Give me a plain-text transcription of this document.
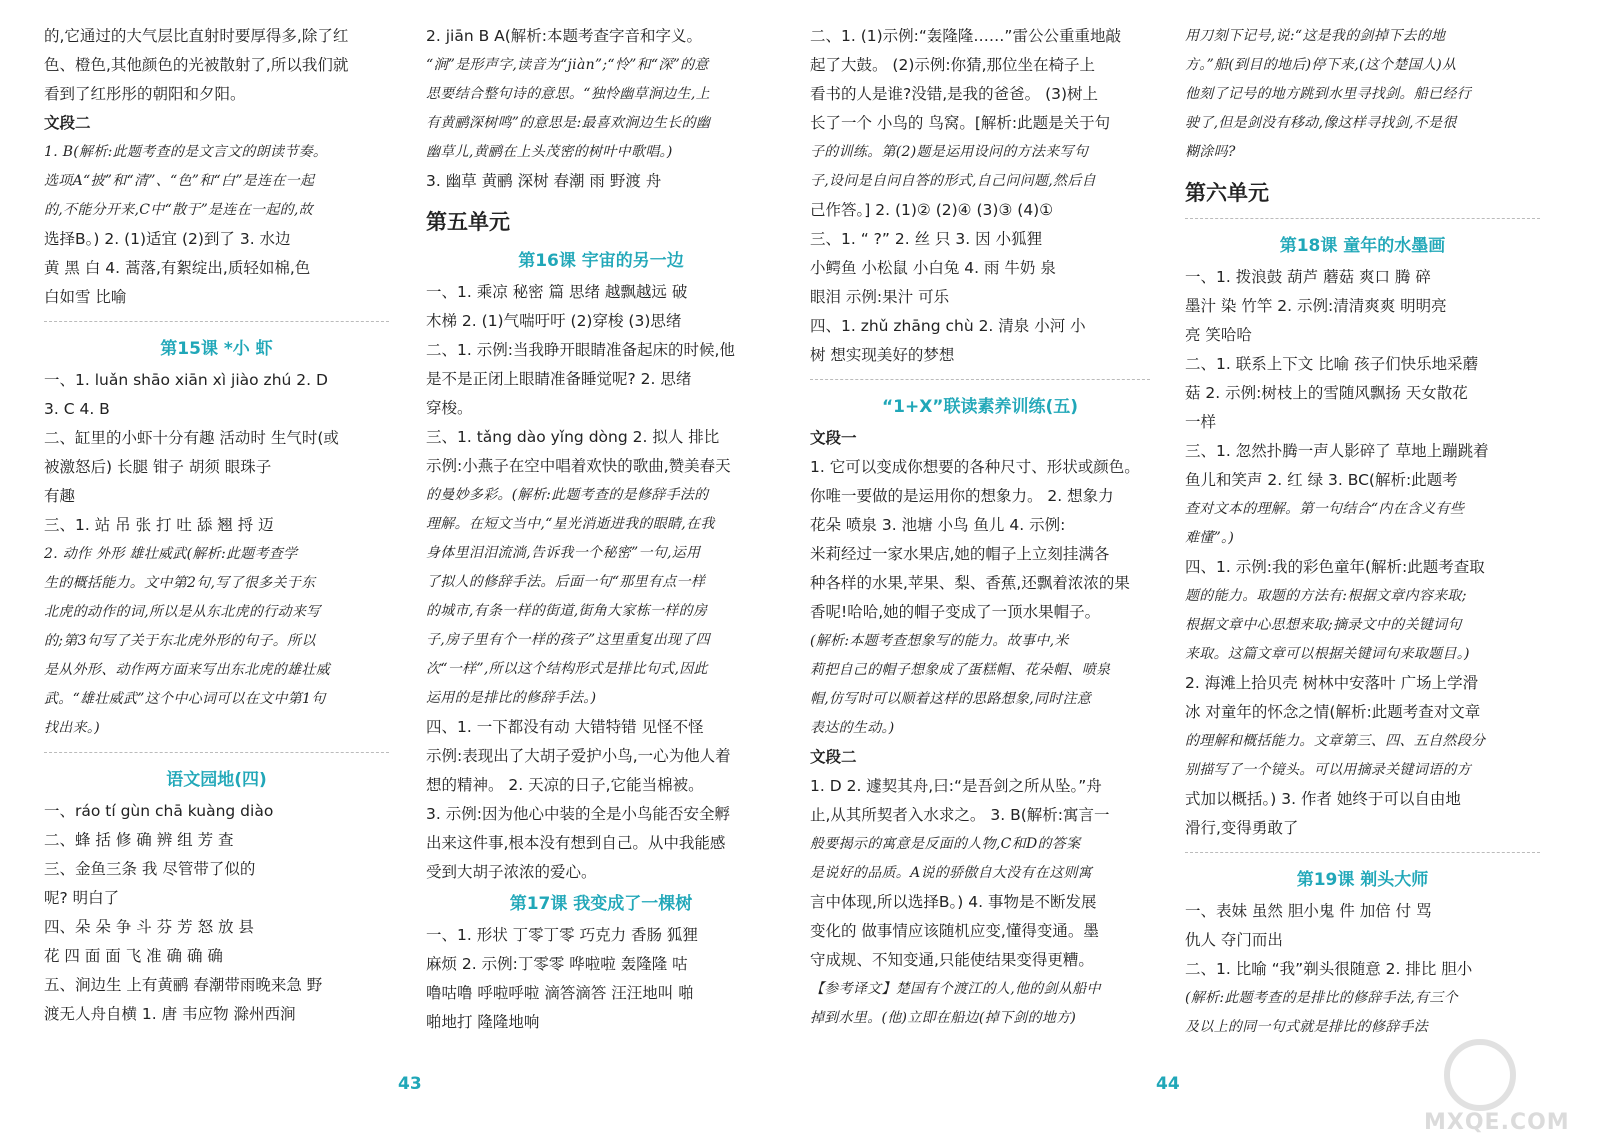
的,它通过的大气层比直射时要厚得多,除了红
色、橙色,其他颜色的光被散射了,所以我们就
看到了红彤彤的朝阳和夕阳。
文段二
1. B(解析:此题考查的是文言文的朗读节奏。
选项A“披”和“清”、“色”和“白”是连在一起
的,不能分开来,C中“散于”是连在一起的,故
选择B。) 2. (1)适宜 (2)到了 3. 水边
黄 黑 白 4. 蒿落,有絮绽出,质轻如棉,色
白如雪 比喻
第15课 *小 虾
一、1. luǎn shāo xiān xì jiào zhú 2. D
3. C 4. B
二、缸里的小虾十分有趣 活动时 生气时(或
被激怒后) 长腿 钳子 胡须 眼珠子
有趣
三、1. 站 吊 张 打 吐 舔 翘 捋 迈
2. 动作 外形 雄壮威武(解析:此题考查学
生的概括能力。文中第2句,写了很多关于东
北虎的动作的词,所以是从东北虎的行动来写
的;第3句写了关于东北虎外形的句子。所以
是从外形、动作两方面来写出东北虎的雄壮威
武。“雄壮威武”这个中心词可以在文中第1句
找出来。)
语文园地(四)
一、ráo tí gùn chā kuàng diào
二、蜂 括 修 确 辨 组 芳 查
三、金鱼三条 我 尽管带了似的
呢? 明白了
四、朵 朵 争 斗 芬 芳 怒 放 县
花 四 面 面 飞 准 确 确 确
五、涧边生 上有黄鹂 春潮带雨晚来急 野
渡无人舟自横 1. 唐 韦应物 滁州西涧
2. jiān B A(解析:本题考查字音和字义。
“涧”是形声字,读音为“jiàn”;“怜”和“深”的意
思要结合整句诗的意思。“独怜幽草涧边生,上
有黄鹂深树鸣”的意思是:最喜欢涧边生长的幽
幽草儿,黄鹂在上头茂密的树叶中歌唱。)
3. 幽草 黄鹂 深树 春潮 雨 野渡 舟
第五单元
第16课 宇宙的另一边
一、1. 乘凉 秘密 篇 思绪 越飘越远 破
木梯 2. (1)气喘吁吁 (2)穿梭 (3)思绪
二、1. 示例:当我睁开眼睛准备起床的时候,他
是不是正闭上眼睛准备睡觉呢? 2. 思绪
穿梭。
三、1. tǎng dào yǐng dòng 2. 拟人 排比
示例:小燕子在空中唱着欢快的歌曲,赞美春天
的曼妙多彩。(解析:此题考查的是修辞手法的
理解。在短文当中,“星光消逝进我的眼睛,在我
身体里泪泪流淌,告诉我一个秘密”一句,运用
了拟人的修辞手法。后面一句“那里有点一样
的城市,有条一样的街道,街角大家栋一样的房
子,房子里有个一样的孩子”这里重复出现了四
次“一样”,所以这个结构形式是排比句式,因此
运用的是排比的修辞手法。)
四、1. 一下都没有动 大错特错 见怪不怪
示例:表现出了大胡子爱护小鸟,一心为他人着
想的精神。 2. 天凉的日子,它能当棉被。
3. 示例:因为他心中装的全是小鸟能否安全孵
出来这件事,根本没有想到自己。从中我能感
受到大胡子浓浓的爱心。
第17课 我变成了一棵树
一、1. 形状 丁零丁零 巧克力 香肠 狐狸
麻烦 2. 示例:丁零零 哗啦啦 轰隆隆 咕
噜咕噜 呼啦呼啦 滴答滴答 汪汪地叫 啪
啪地打 隆隆地响
二、1. (1)示例:“轰隆隆……”雷公公重重地敲
起了大鼓。 (2)示例:你猜,那位坐在椅子上
看书的人是谁?没错,是我的爸爸。 (3)树上
长了一个 小鸟的 鸟窝。[解析:此题是关于句
子的训练。第(2)题是运用设问的方法来写句
子,设问是自问自答的形式,自己问问题,然后自
己作答。] 2. (1)② (2)④ (3)③ (4)①
三、1. “ ?” 2. 丝 只 3. 因 小狐狸
小鳄鱼 小松鼠 小白兔 4. 雨 牛奶 泉
眼泪 示例:果汁 可乐
四、1. zhǔ zhāng chù 2. 清泉 小河 小
树 想实现美好的梦想
“1+X”联读素养训练(五)
文段一
1. 它可以变成你想要的各种尺寸、形状或颜色。
你唯一要做的是运用你的想象力。 2. 想象力
花朵 喷泉 3. 池塘 小鸟 鱼儿 4. 示例:
米莉经过一家水果店,她的帽子上立刻挂满各
种各样的水果,苹果、梨、香蕉,还飘着浓浓的果
香呢!哈哈,她的帽子变成了一顶水果帽子。
(解析:本题考查想象写的能力。故事中,米
莉把自己的帽子想象成了蛋糕帽、花朵帽、喷泉
帽,仿写时可以顺着这样的思路想象,同时注意
表达的生动。)
文段二
1. D 2. 遽契其舟,曰:“是吾剑之所从坠。”舟
止,从其所契者入水求之。 3. B(解析:寓言一
般要揭示的寓意是反面的人物,C和D的答案
是说好的品质。A说的骄傲自大没有在这则寓
言中体现,所以选择B。) 4. 事物是不断发展
变化的 做事情应该随机应变,懂得变通。墨
守成规、不知变通,只能使结果变得更糟。
【参考译文】楚国有个渡江的人,他的剑从船中
掉到水里。(他)立即在船边(掉下剑的地方)
用刀刻下记号,说:“这是我的剑掉下去的地
方。”船(到目的地后)停下来,(这个楚国人)从
他刻了记号的地方跳到水里寻找剑。船已经行
驶了,但是剑没有移动,像这样寻找剑,不是很
糊涂吗?
第六单元
第18课 童年的水墨画
一、1. 拨浪鼓 葫芦 蘑菇 爽口 腾 碎
墨汁 染 竹竿 2. 示例:清清爽爽 明明亮
亮 笑哈哈
二、1. 联系上下文 比喻 孩子们快乐地采蘑
菇 2. 示例:树枝上的雪随风飘扬 天女散花
一样
三、1. 忽然扑腾一声人影碎了 草地上蹦跳着
鱼儿和笑声 2. 红 绿 3. BC(解析:此题考
查对文本的理解。第一句结合“内在含义有些
难懂”。)
四、1. 示例:我的彩色童年(解析:此题考查取
题的能力。取题的方法有:根据文章内容来取;
根据文章中心思想来取;摘录文中的关键词句
来取。这篇文章可以根据关键词句来取题目。)
2. 海滩上拾贝壳 树林中安落叶 广场上学滑
冰 对童年的怀念之情(解析:此题考查对文章
的理解和概括能力。文章第三、四、五自然段分
别描写了一个镜头。可以用摘录关键词语的方
式加以概括。) 3. 作者 她终于可以自由地
滑行,变得勇敢了
第19课 剃头大师
一、表妹 虽然 胆小鬼 件 加倍 付 骂
仇人 夺门而出
二、1. 比喻 “我”剃头很随意 2. 排比 胆小
(解析:此题考查的是排比的修辞手法,有三个
及以上的同一句式就是排比的修辞手法
43	44
MXQE.COM
